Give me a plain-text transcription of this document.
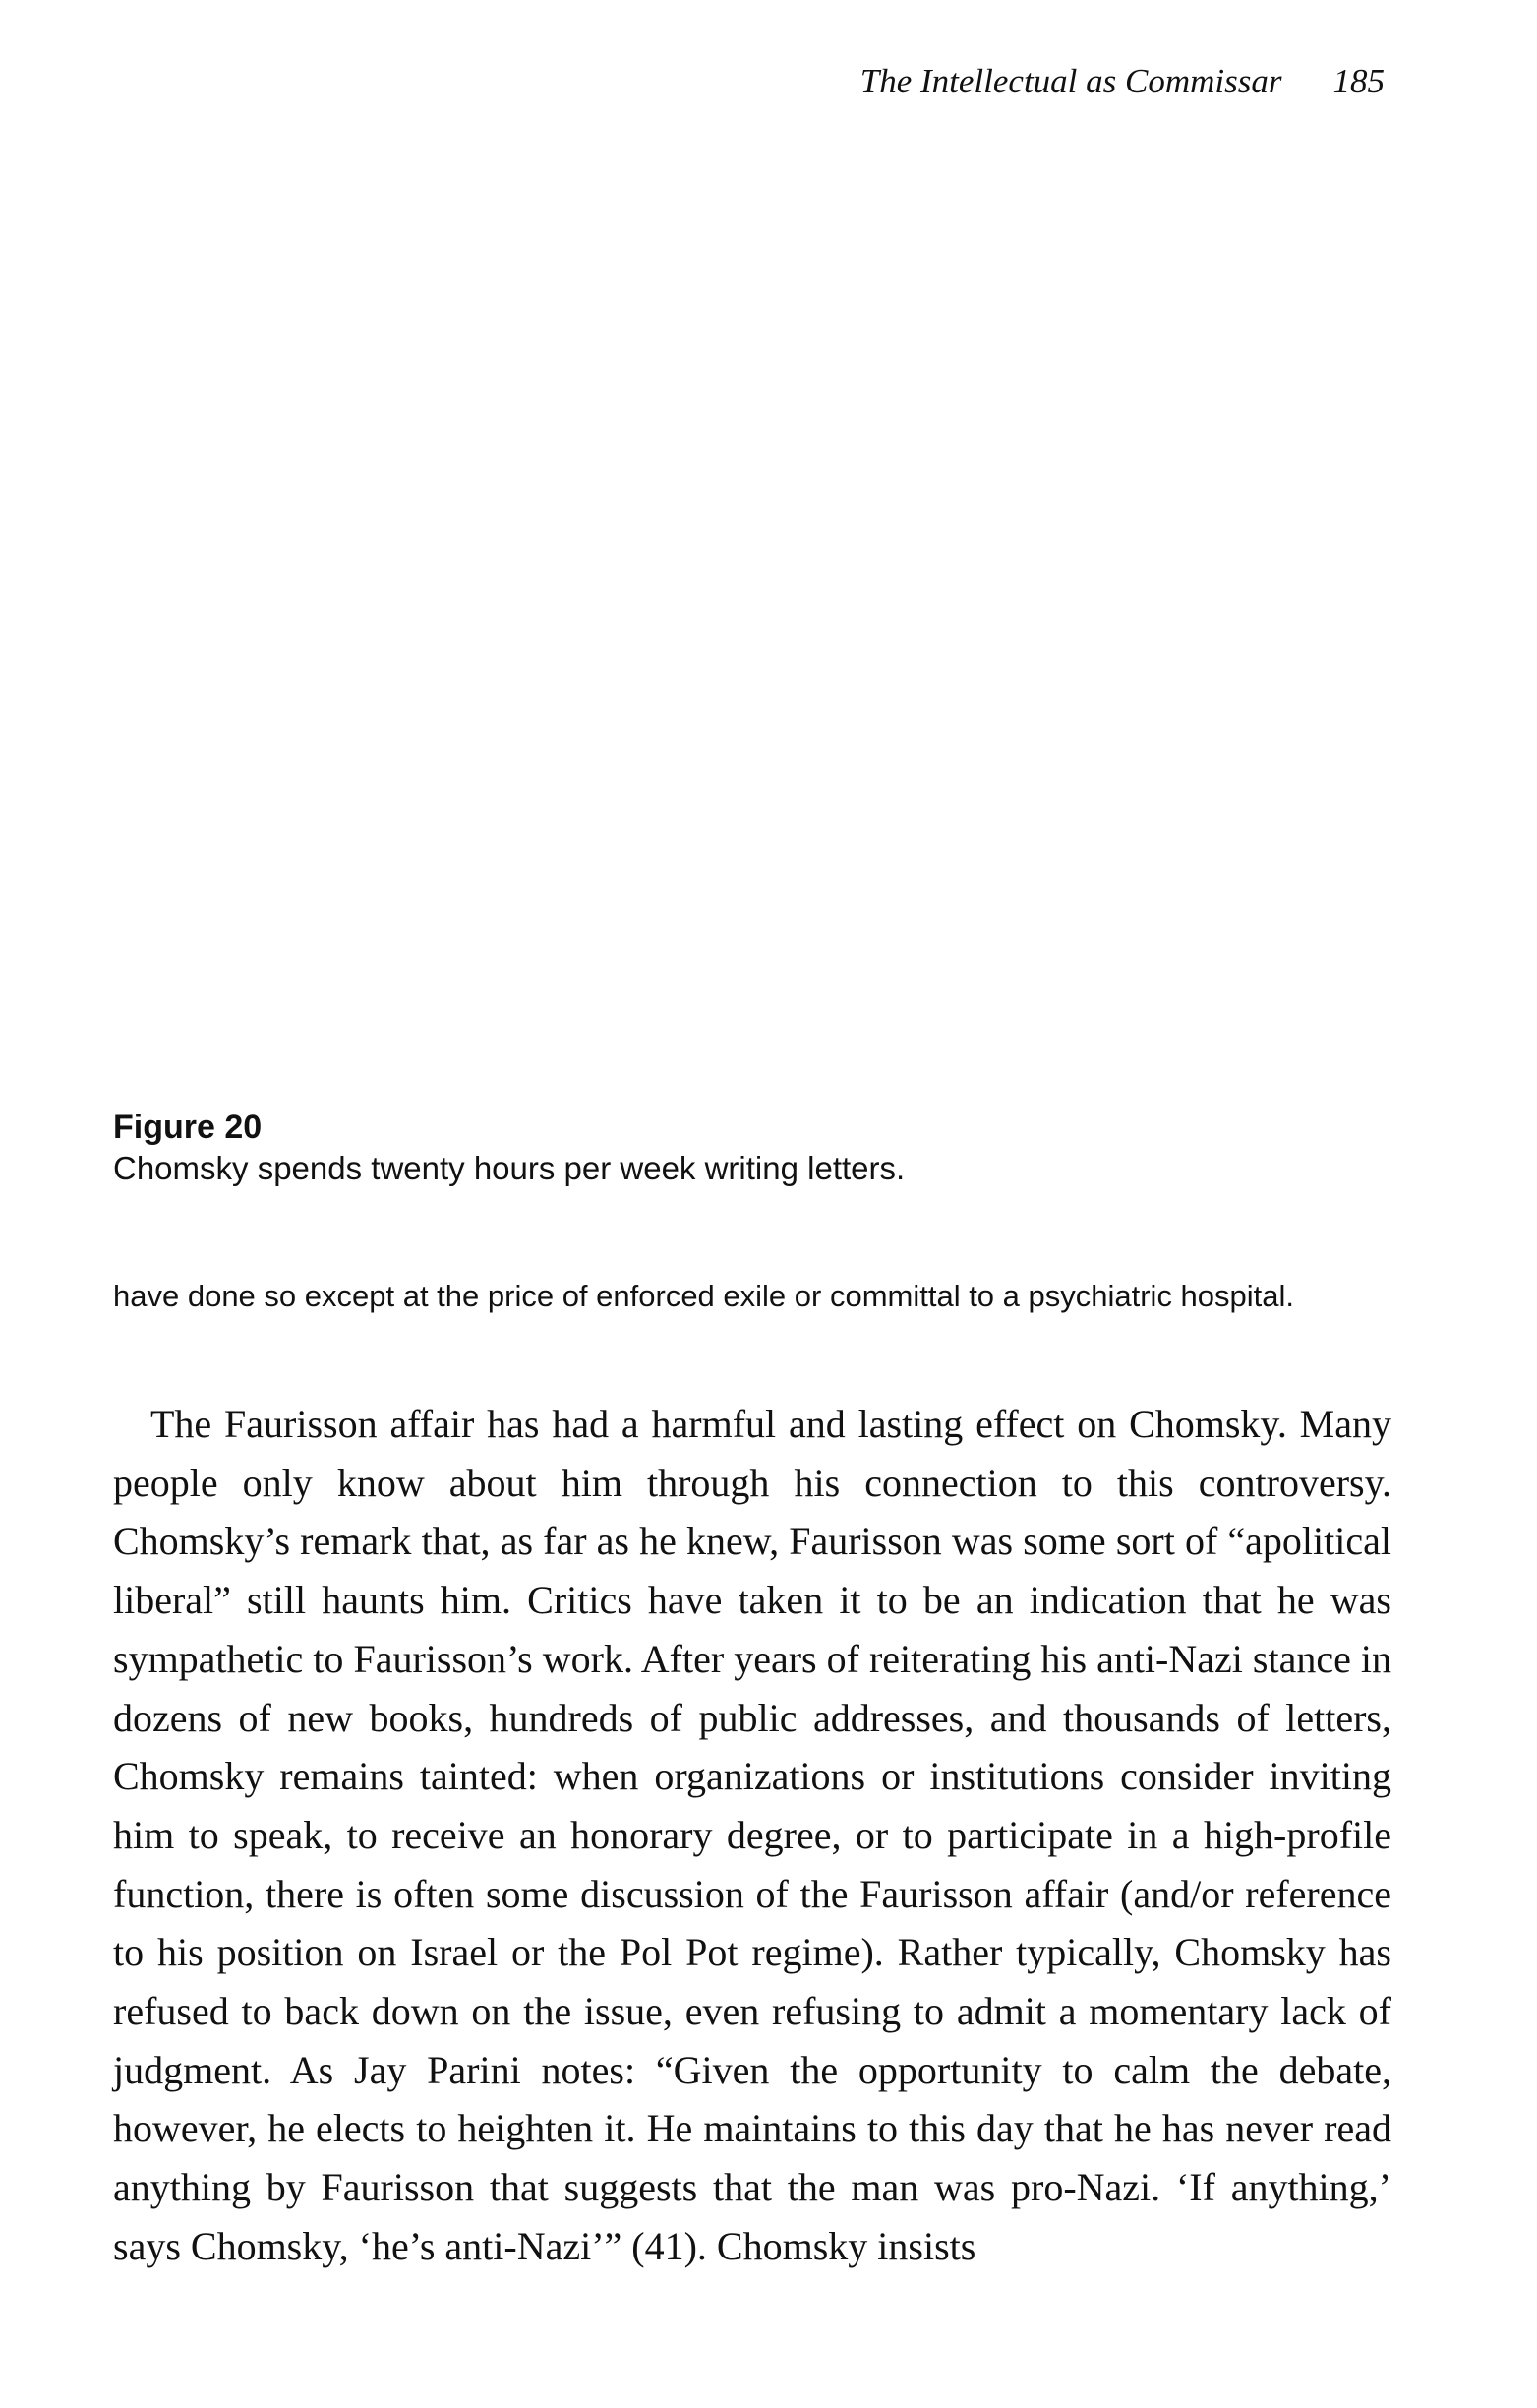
The Intellectual as Commissar 185
Figure 20
Chomsky spends twenty hours per week writing letters.
have done so except at the price of enforced exile or committal to a psychiatric hospital.

The Faurisson affair has had a harmful and lasting effect on Chomsky. Many people only know about him through his connection to this controversy. Chomsky’s remark that, as far as he knew, Faurisson was some sort of “apolitical liberal” still haunts him. Critics have taken it to be an indication that he was sympathetic to Faurisson’s work. After years of reiterating his anti-Nazi stance in dozens of new books, hundreds of public addresses, and thousands of letters, Chomsky remains tainted: when organizations or institutions consider inviting him to speak, to receive an honorary degree, or to participate in a high-profile function, there is often some discussion of the Faurisson affair (and/or reference to his position on Israel or the Pol Pot regime). Rather typically, Chomsky has refused to back down on the issue, even refusing to admit a momentary lack of judgment. As Jay Parini notes: “Given the opportunity to calm the debate, however, he elects to heighten it. He maintains to this day that he has never read anything by Faurisson that suggests that the man was pro-Nazi. ‘If anything,’ says Chomsky, ‘he’s anti-Nazi’” (41). Chomsky insists
